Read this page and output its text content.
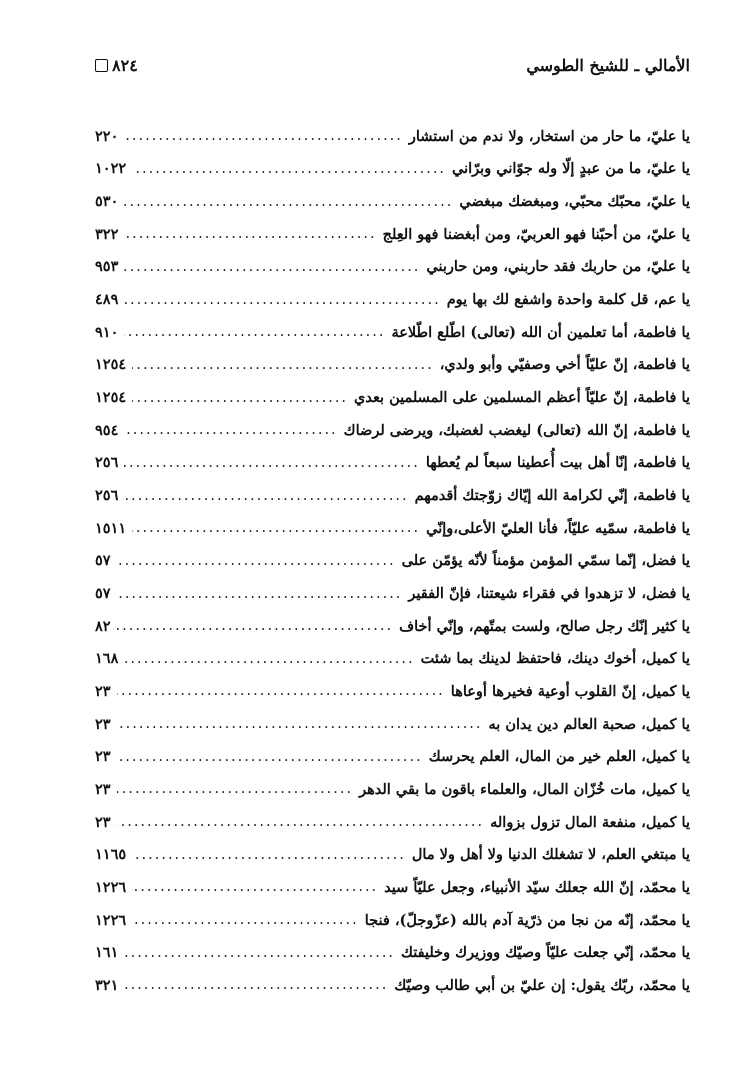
الأمالي ـ للشيخ الطوسي
٨٢٤
يا عليّ، ما حار من استخار، ولا ندم من استشار
.....
٢٢٠
يا عليّ، ما من عبدٍ إلّا وله جوّاني وبرّاني
.....
١٠٢٢
يا عليّ، محبّك محبّي، ومبغضك مبغضي
.....
٥٣٠
يا عليّ، من أحبّنا فهو العربيّ، ومن أبغضنا فهو العِلج
.....
٣٢٢
يا عليّ، من حاربك فقد حاربني، ومن حاربني
.....
٩٥٣
يا عم، قل كلمة واحدة واشفع لك بها يوم
.....
٤٨٩
يا فاطمة، أما تعلمين أن الله (تعالى) اطّلع اطّلاعة
.....
٩١٠
يا فاطمة، إنّ عليّاً أخي وصفيّي وأبو ولدي،
.....
١٢٥٤
يا فاطمة، إنّ عليّاً أعظم المسلمين على المسلمين بعدي
.....
١٢٥٤
يا فاطمة، إنّ الله (تعالى) ليغضب لغضبك، ويرضى لرضاك
.....
٩٥٤
يا فاطمة، إنّا أهل بيت أُعطينا سبعاً لم يُعطها
.....
٢٥٦
يا فاطمة، إنّي لكرامة الله إيّاك زوّجتك أقدمهم
.....
٢٥٦
يا فاطمة، سمّيه عليّاً، فأنا العليّ الأعلى،وإنّي
.....
١٥١١
يا فضل، إنّما سمّي المؤمن مؤمناً لأنّه يؤمّن على
.....
٥٧
يا فضل، لا تزهدوا في فقراء شيعتنا، فإنّ الفقير
.....
٥٧
يا كثير إنّك رجل صالح، ولست بمتّهم، وإنّي أخاف
.....
٨٢
يا كميل، أخوك دينك، فاحتفظ لدينك بما شئت
.....
١٦٨
يا كميل، إنّ القلوب أوعية فخيرها أوعاها
.....
٢٣
يا كميل، صحبة العالم دين يدان به
.....
٢٣
يا كميل، العلم خير من المال، العلم يحرسك
.....
٢٣
يا كميل، مات خُزّان المال، والعلماء باقون ما بقي الدهر
.....
٢٣
يا كميل، منفعة المال تزول بزواله
.....
٢٣
يا مبتغي العلم، لا تشغلك الدنيا ولا أهل ولا مال
.....
١١٦٥
يا محمّد، إنّ الله جعلك سيّد الأنبياء، وجعل عليّاً سيد
.....
١٢٢٦
يا محمّد، إنّه من نجا من ذرّية آدم بالله (عزّوجلّ)، فنجا
.....
١٢٢٦
يا محمّد، إنّي جعلت عليّاً وصيّك ووزيرك وخليفتك
.....
١٦١
يا محمّد، ربّك يقول: إن عليّ بن أبي طالب وصيّك
.....
٣٢١
